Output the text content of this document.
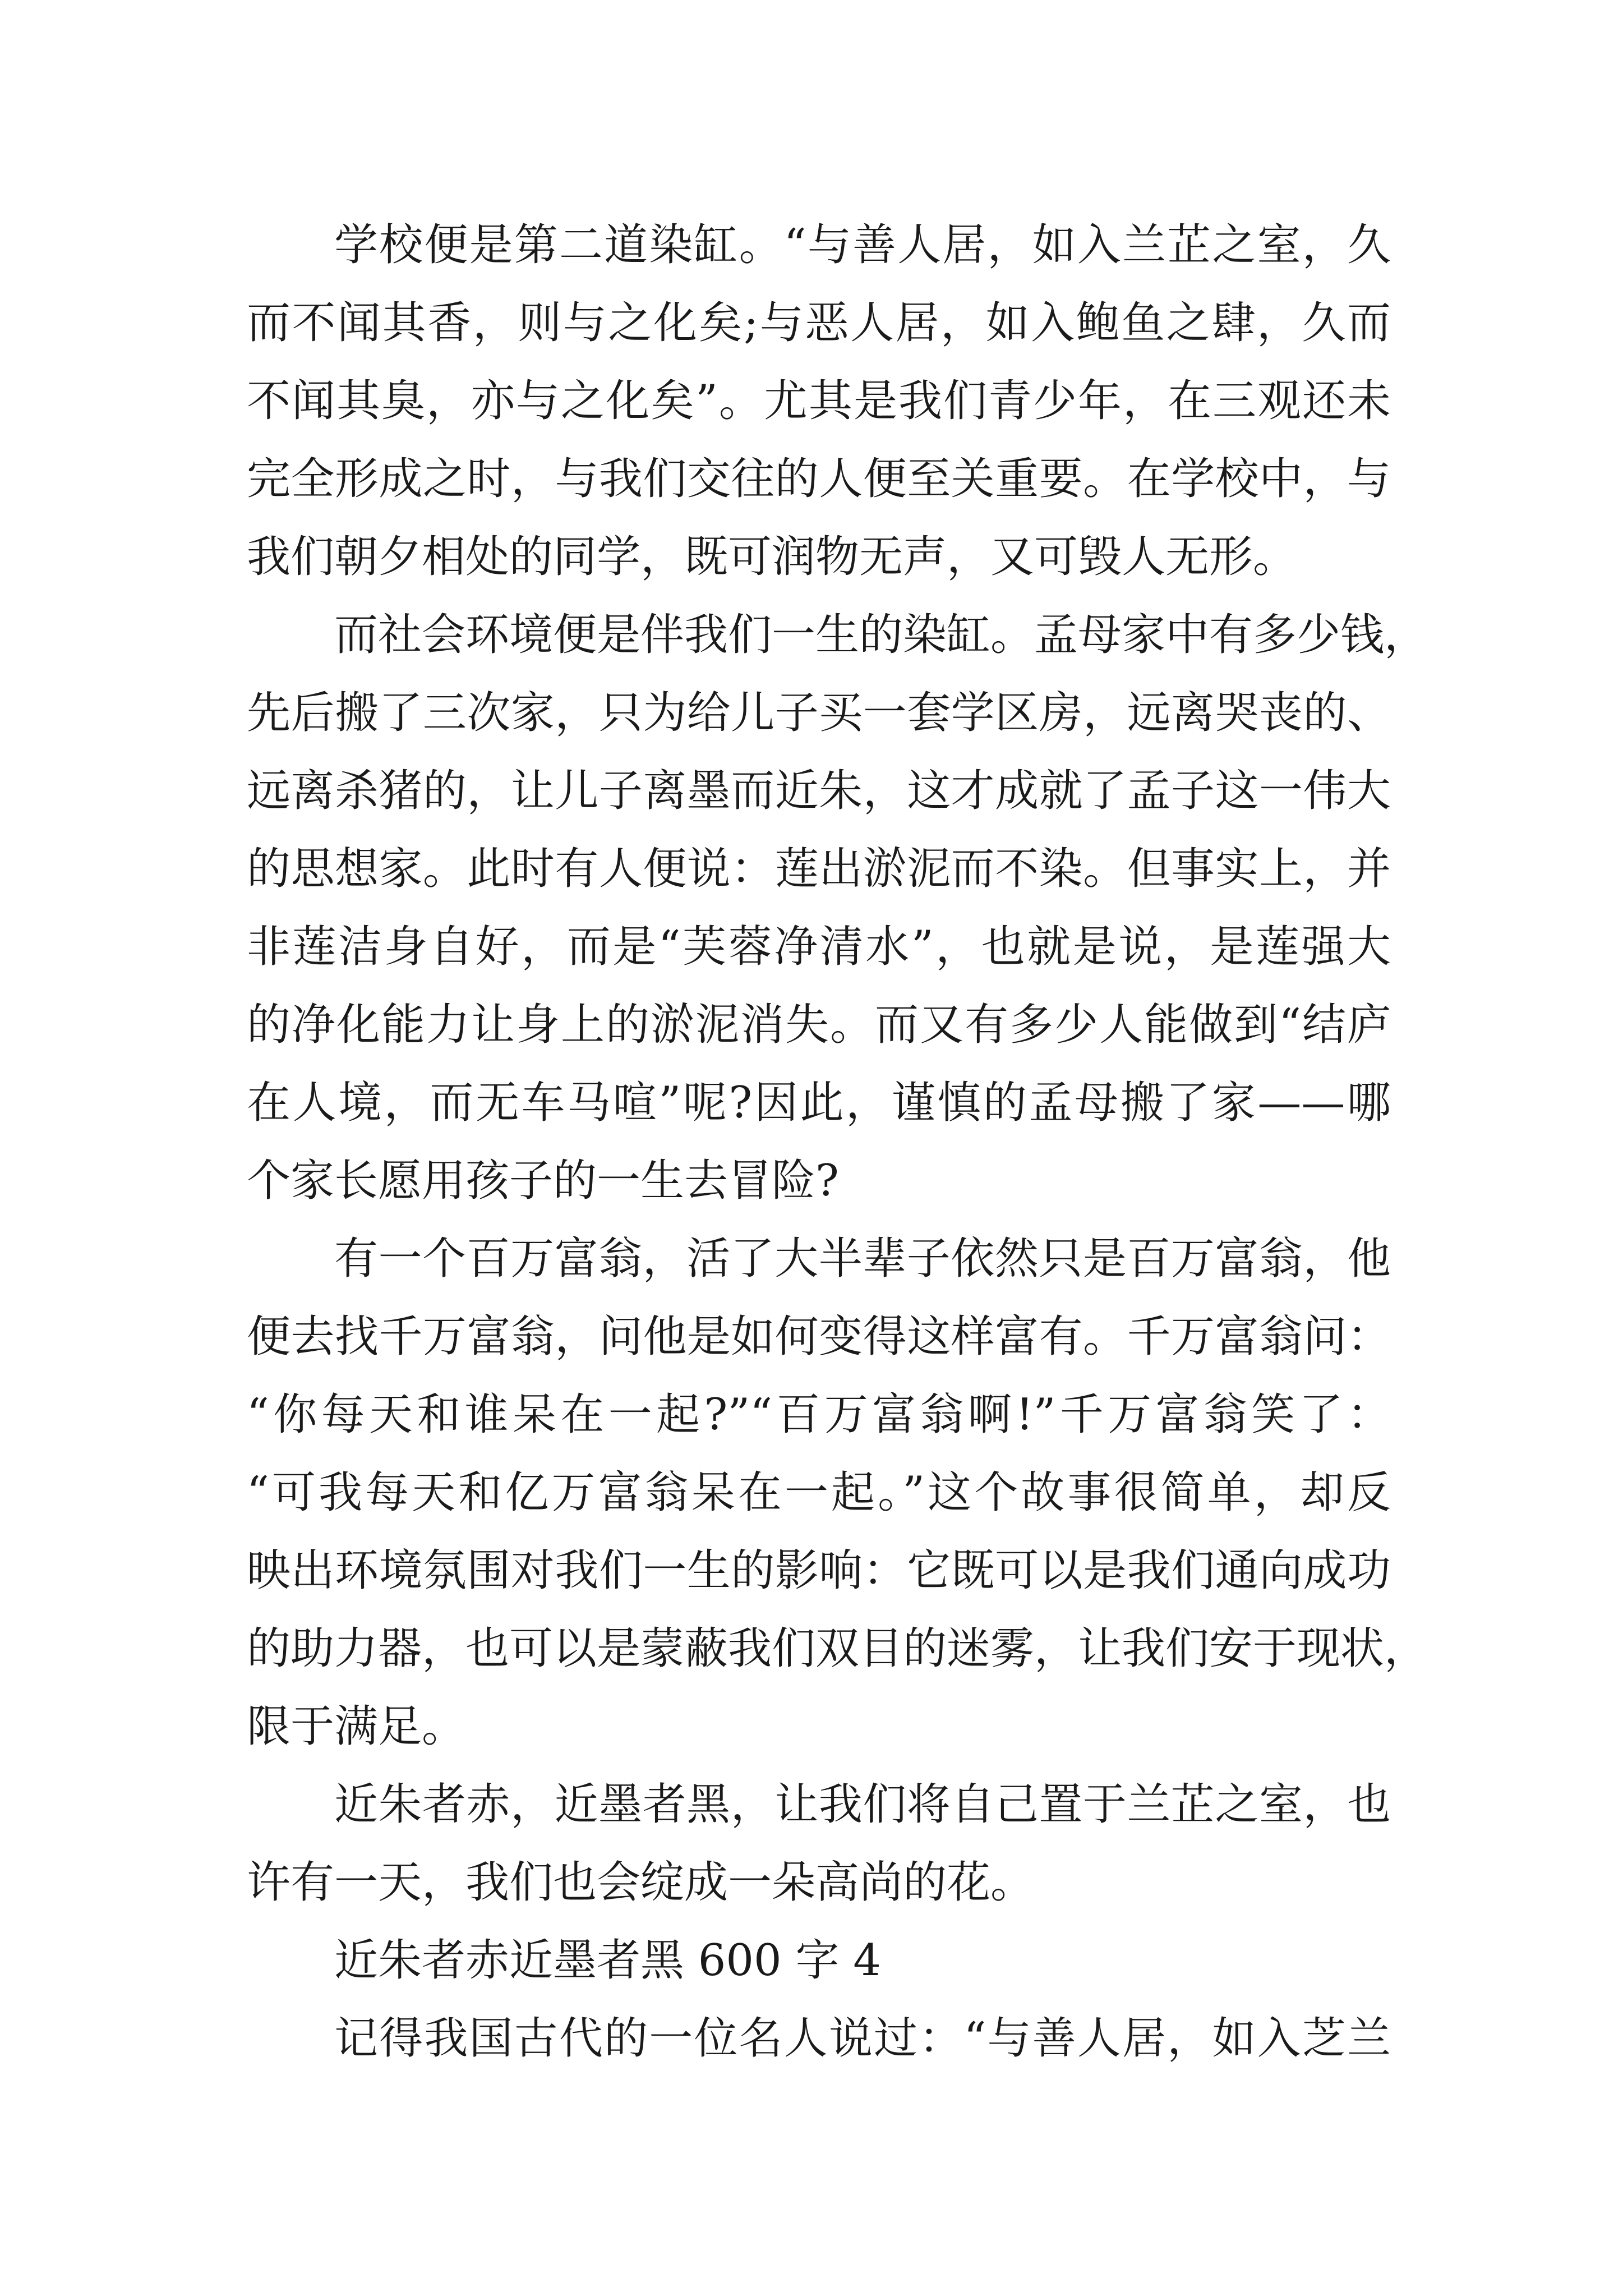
学校便是第二道染缸。“与善人居，如入兰芷之室，久

而不闻其香，则与之化矣;与恶人居，如入鲍鱼之肆，久而

不闻其臭，亦与之化矣”。尤其是我们青少年，在三观还未

完全形成之时，与我们交往的人便至关重要。在学校中，与

我们朝夕相处的同学，既可润物无声，又可毁人无形。

而社会环境便是伴我们一生的染缸。孟母家中有多少钱，

先后搬了三次家，只为给儿子买一套学区房，远离哭丧的、

远离杀猪的，让儿子离墨而近朱，这才成就了孟子这一伟大

的思想家。此时有人便说：莲出淤泥而不染。但事实上，并

非莲洁身自好，而是“芙蓉净清水”，也就是说，是莲强大

的净化能力让身上的淤泥消失。而又有多少人能做到“结庐

在人境，而无车马喧”呢?因此，谨慎的孟母搬了家——哪

个家长愿用孩子的一生去冒险?

有一个百万富翁，活了大半辈子依然只是百万富翁，他

便去找千万富翁，问他是如何变得这样富有。千万富翁问：

“你每天和谁呆在一起?”“百万富翁啊!”千万富翁笑了：

“可我每天和亿万富翁呆在一起。”这个故事很简单，却反

映出环境氛围对我们一生的影响：它既可以是我们通向成功

的助力器，也可以是蒙蔽我们双目的迷雾，让我们安于现状，

限于满足。

近朱者赤，近墨者黑，让我们将自己置于兰芷之室，也

许有一天，我们也会绽成一朵高尚的花。

近朱者赤近墨者黑 600 字 4

记得我国古代的一位名人说过：“与善人居，如入芝兰
